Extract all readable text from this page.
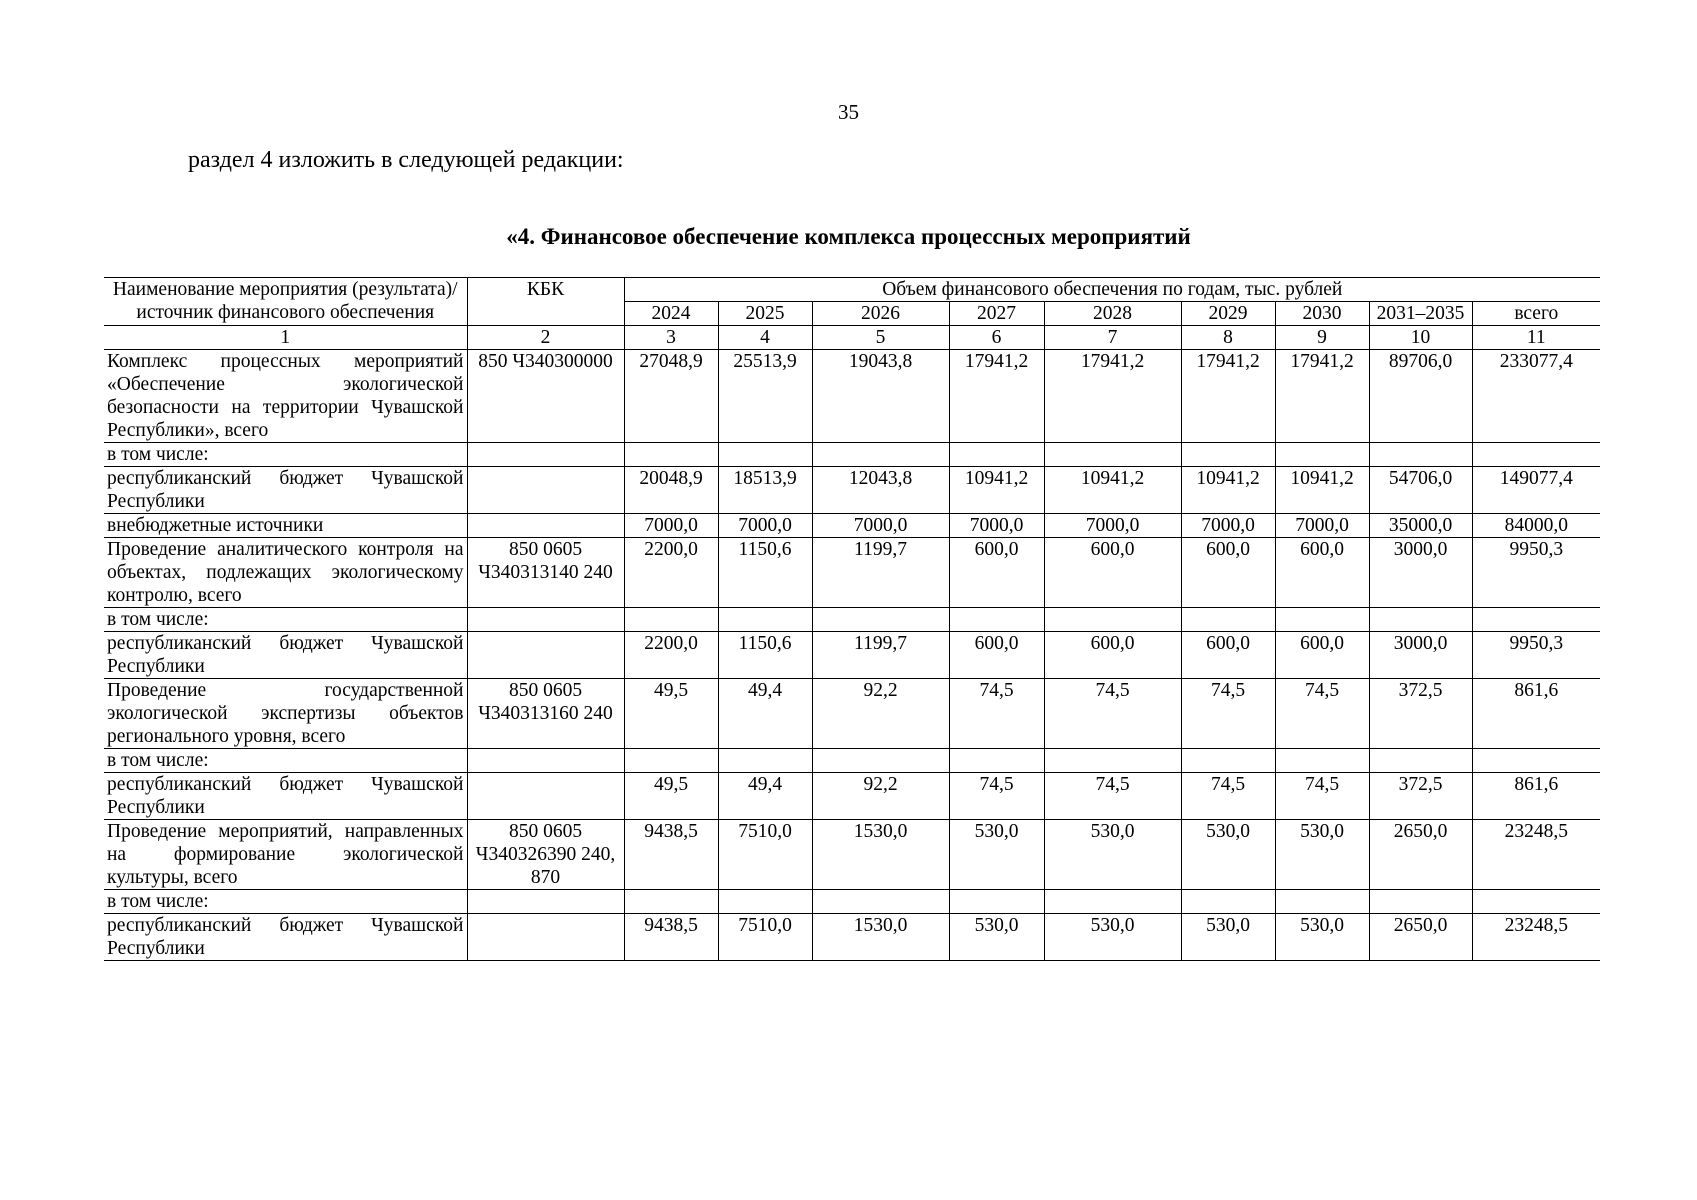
35
раздел 4 изложить в следующей редакции:
«4. Финансовое обеспечение комплекса процессных мероприятий
Наименование мероприятия (результата)/источник финансового обеспечения	КБК	Объем финансового обеспечения по годам, тыс. рублей								
		2024	2025	2026	2027	2028	2029	2030	2031–2035	всего
1	2	3	4	5	6	7	8	9	10	11
Комплекс процессных мероприятий «Обеспечение экологической безопасности на территории Чувашской Республики», всего	850 Ч340300000	27048,9	25513,9	19043,8	17941,2	17941,2	17941,2	17941,2	89706,0	233077,4
в том числе:										
республиканский бюджет Чувашской Республики		20048,9	18513,9	12043,8	10941,2	10941,2	10941,2	10941,2	54706,0	149077,4
внебюджетные источники		7000,0	7000,0	7000,0	7000,0	7000,0	7000,0	7000,0	35000,0	84000,0
Проведение аналитического контроля на объектах, подлежащих экологическому контролю, всего	850 0605 Ч340313140 240	2200,0	1150,6	1199,7	600,0	600,0	600,0	600,0	3000,0	9950,3
в том числе:										
республиканский бюджет Чувашской Республики		2200,0	1150,6	1199,7	600,0	600,0	600,0	600,0	3000,0	9950,3
Проведение государственной экологической экспертизы объектов регионального уровня, всего	850 0605 Ч340313160 240	49,5	49,4	92,2	74,5	74,5	74,5	74,5	372,5	861,6
в том числе:										
республиканский бюджет Чувашской Республики		49,5	49,4	92,2	74,5	74,5	74,5	74,5	372,5	861,6
Проведение мероприятий, направленных на формирование экологической культуры, всего	850 0605 Ч340326390 240, 870	9438,5	7510,0	1530,0	530,0	530,0	530,0	530,0	2650,0	23248,5
в том числе:										
республиканский бюджет Чувашской Республики		9438,5	7510,0	1530,0	530,0	530,0	530,0	530,0	2650,0	23248,5
